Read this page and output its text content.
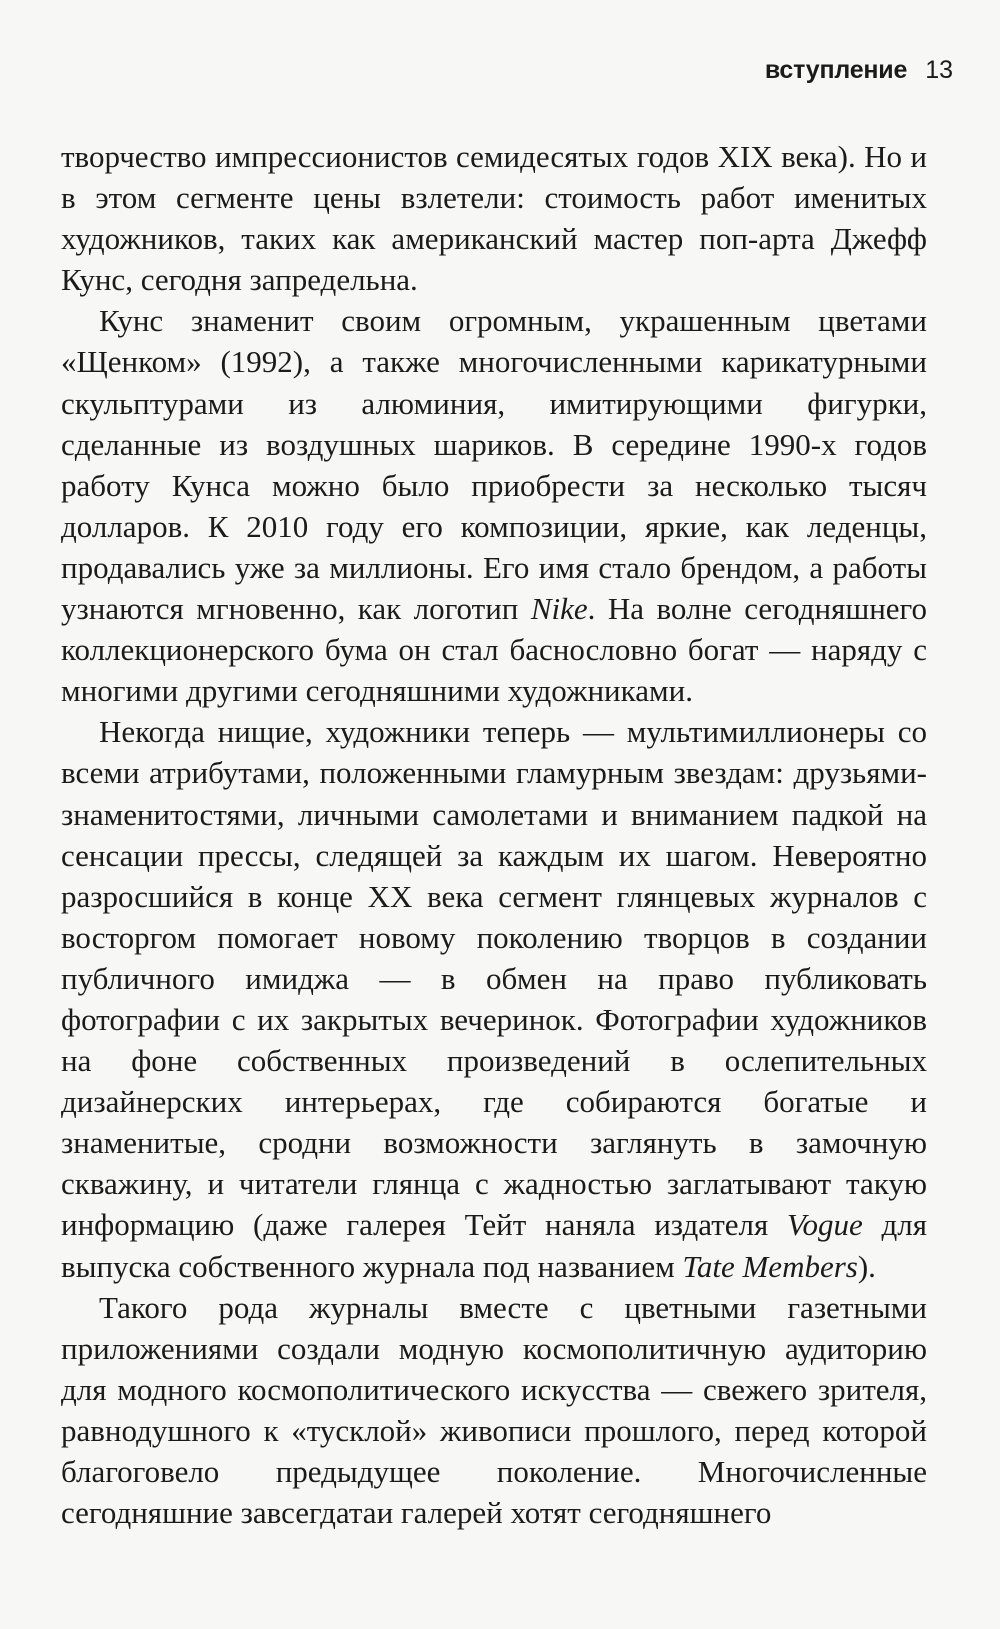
вступление 13

творчество импрессионистов семидесятых годов XIX века). Но и в этом сегменте цены взлетели: стоимость работ именитых художников, таких как американский мастер поп-арта Джефф Кунс, сегодня запредельна.

Кунс знаменит своим огромным, украшенным цветами «Щенком» (1992), а также многочисленными карикатурными скульптурами из алюминия, имитирующими фигурки, сделанные из воздушных шариков. В середине 1990-х годов работу Кунса можно было приобрести за несколько тысяч долларов. К 2010 году его композиции, яркие, как леденцы, продавались уже за миллионы. Его имя стало брендом, а работы узнаются мгновенно, как логотип Nike. На волне сегодняшнего коллекционерского бума он стал баснословно богат — наряду с многими другими сегодняшними художниками.

Некогда нищие, художники теперь — мультимиллионеры со всеми атрибутами, положенными гламурным звездам: друзьями-знаменитостями, личными самолетами и вниманием падкой на сенсации прессы, следящей за каждым их шагом. Невероятно разросшийся в конце XX века сегмент глянцевых журналов с восторгом помогает новому поколению творцов в создании публичного имиджа — в обмен на право публиковать фотографии с их закрытых вечеринок. Фотографии художников на фоне собственных произведений в ослепительных дизайнерских интерьерах, где собираются богатые и знаменитые, сродни возможности заглянуть в замочную скважину, и читатели глянца с жадностью заглатывают такую информацию (даже галерея Тейт наняла издателя Vogue для выпуска собственного журнала под названием Tate Members).

Такого рода журналы вместе с цветными газетными приложениями создали модную космополитичную аудиторию для модного космополитического искусства — свежего зрителя, равнодушного к «тусклой» живописи прошлого, перед которой благоговело предыдущее поколение. Многочисленные сегодняшние завсегдатаи галерей хотят сегодняшнего
